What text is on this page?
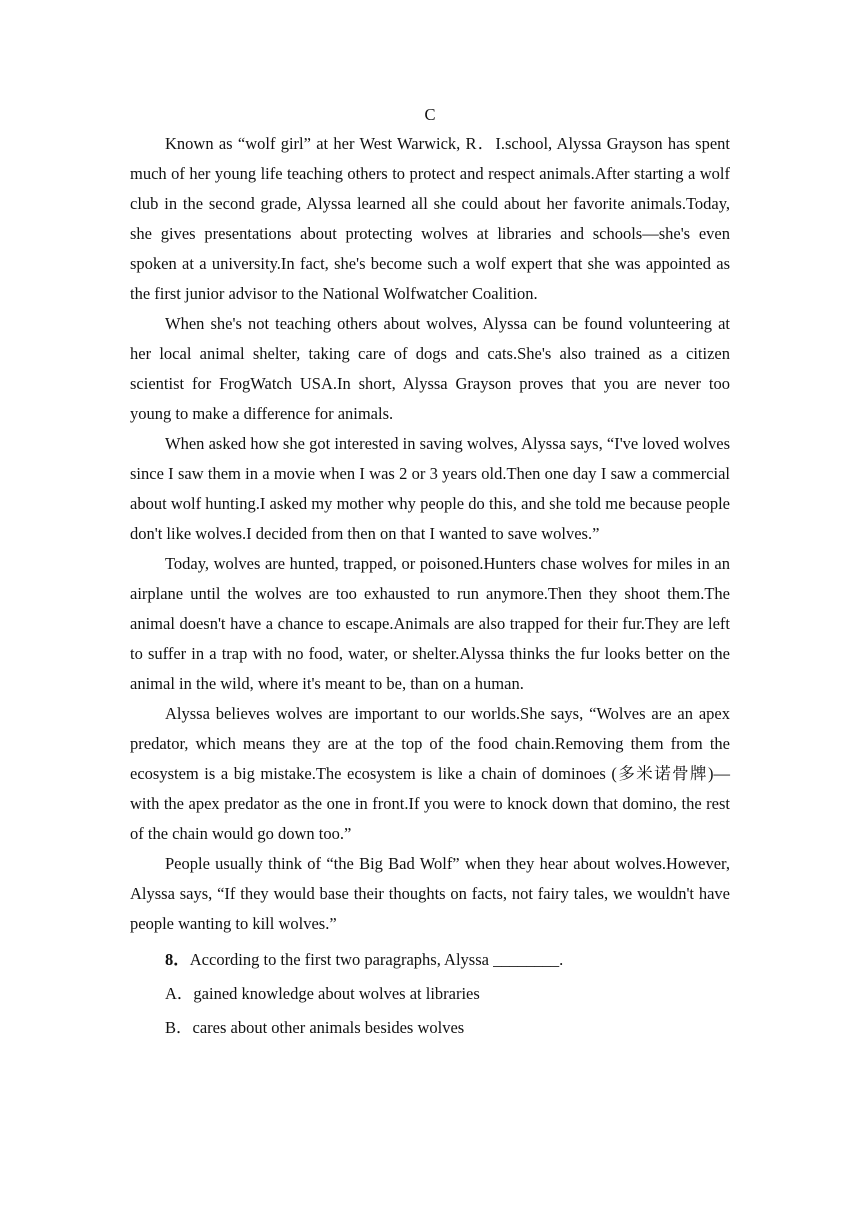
C

Known as “wolf girl” at her West Warwick, R．I.school, Alyssa Grayson has spent much of her young life teaching others to protect and respect animals.After starting a wolf club in the second grade, Alyssa learned all she could about her favorite animals.Today, she gives presentations about protecting wolves at libraries and schools—she's even spoken at a university.In fact, she's become such a wolf expert that she was appointed as the first junior advisor to the National Wolfwatcher Coalition.

When she's not teaching others about wolves, Alyssa can be found volunteering at her local animal shelter, taking care of dogs and cats.She's also trained as a citizen scientist for FrogWatch USA.In short, Alyssa Grayson proves that you are never too young to make a difference for animals.

When asked how she got interested in saving wolves, Alyssa says, “I've loved wolves since I saw them in a movie when I was 2 or 3 years old.Then one day I saw a commercial about wolf hunting.I asked my mother why people do this, and she told me because people don't like wolves.I decided from then on that I wanted to save wolves.”

Today, wolves are hunted, trapped, or poisoned.Hunters chase wolves for miles in an airplane until the wolves are too exhausted to run anymore.Then they shoot them.The animal doesn't have a chance to escape.Animals are also trapped for their fur.They are left to suffer in a trap with no food, water, or shelter.Alyssa thinks the fur looks better on the animal in the wild, where it's meant to be, than on a human.

Alyssa believes wolves are important to our worlds.She says, “Wolves are an apex predator, which means they are at the top of the food chain.Removing them from the ecosystem is a big mistake.The ecosystem is like a chain of dominoes (多米诺骨牌)—with the apex predator as the one in front.If you were to knock down that domino, the rest of the chain would go down too.”

People usually think of “the Big Bad Wolf” when they hear about wolves.However, Alyssa says, “If they would base their thoughts on facts, not fairy tales, we wouldn't have people wanting to kill wolves.”

8．According to the first two paragraphs, Alyssa ________.
A．gained knowledge about wolves at libraries
B．cares about other animals besides wolves
